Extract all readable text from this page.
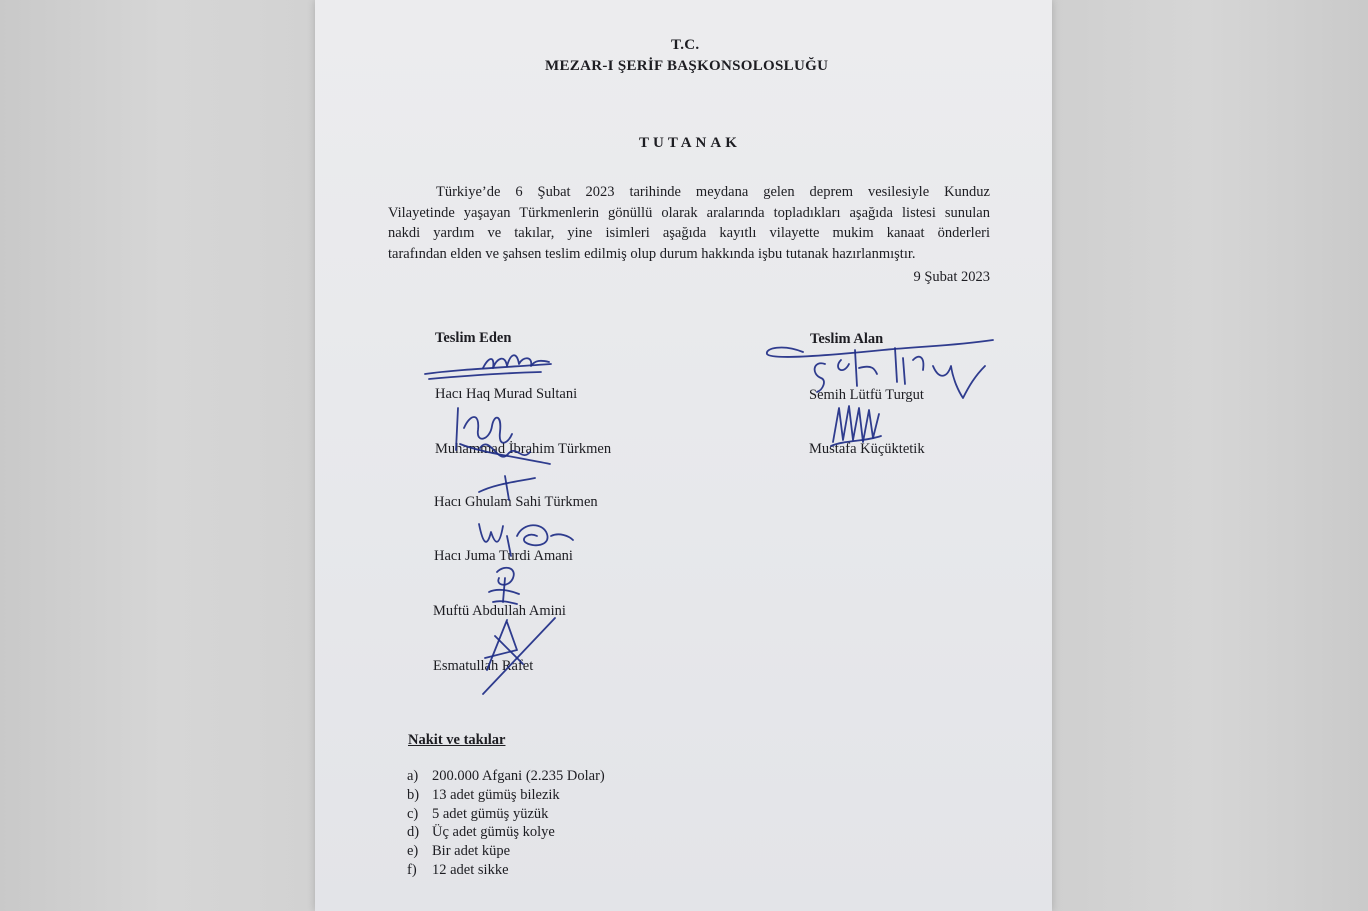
T.C.
MEZAR-I ŞERİF BAŞKONSOLOSLUĞU
TUTANAK
Türkiye’de 6 Şubat 2023 tarihinde meydana gelen deprem vesilesiyle Kunduz
Vilayetinde yaşayan Türkmenlerin gönüllü olarak aralarında topladıkları aşağıda listesi sunulan
nakdi yardım ve takılar, yine isimleri aşağıda kayıtlı vilayette mukim kanaat önderleri
tarafından elden ve şahsen teslim edilmiş olup durum hakkında işbu tutanak hazırlanmıştır.
9 Şubat 2023
Teslim Eden
Hacı Haq Murad Sultani
Muhammad İbrahim Türkmen
Hacı Ghulam Sahi Türkmen
Hacı Juma Turdi Amani
Muftü Abdullah Amini
Esmatullah Rafet
Teslim Alan
Semih Lütfü Turgut
Mustafa Küçüktetik
Nakit ve takılar
a) 200.000 Afgani (2.235 Dolar)
b) 13 adet gümüş bilezik
c) 5 adet gümüş yüzük
d) Üç adet gümüş kolye
e) Bir adet küpe
f) 12 adet sikke
